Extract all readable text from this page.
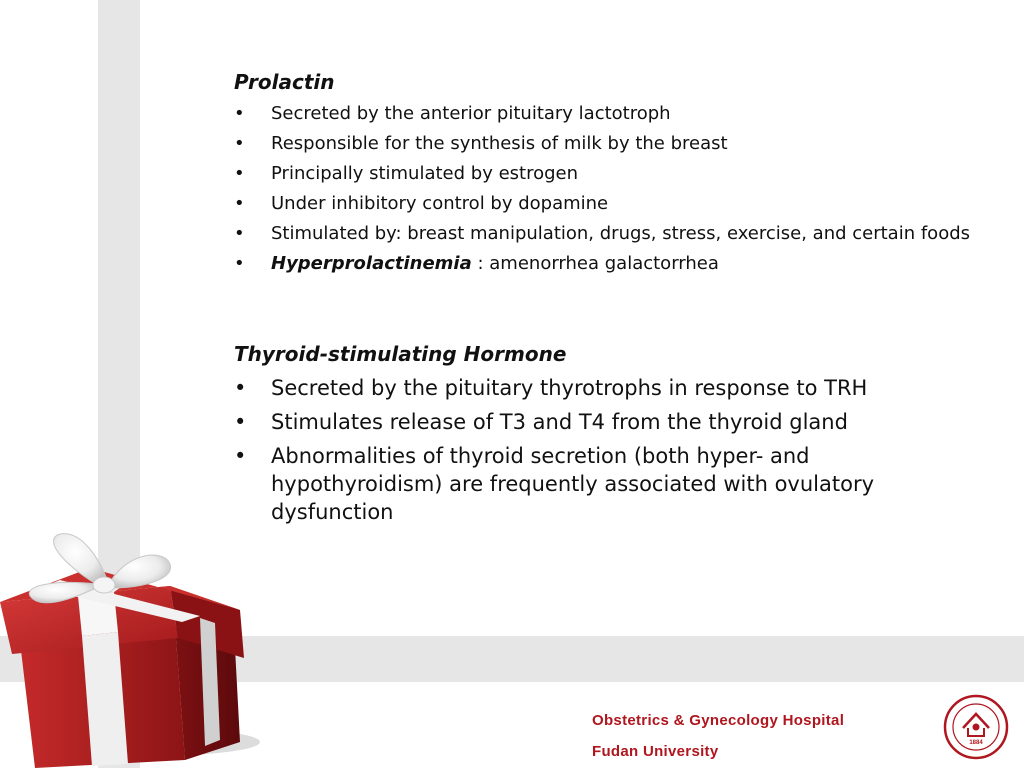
Prolactin

• Secreted by the anterior pituitary lactotroph
• Responsible for the synthesis of milk by the breast
• Principally stimulated by estrogen
• Under inhibitory control by dopamine
• Stimulated by: breast manipulation, drugs, stress, exercise, and certain foods
• Hyperprolactinemia : amenorrhea galactorrhea

Thyroid-stimulating Hormone

• Secreted by the pituitary thyrotrophs in response to TRH
• Stimulates release of T3 and T4 from the thyroid gland
• Abnormalities of thyroid secretion (both hyper- and hypothyroidism) are frequently associated with ovulatory dysfunction
Obstetrics & Gynecology Hospital
Fudan University	1884
